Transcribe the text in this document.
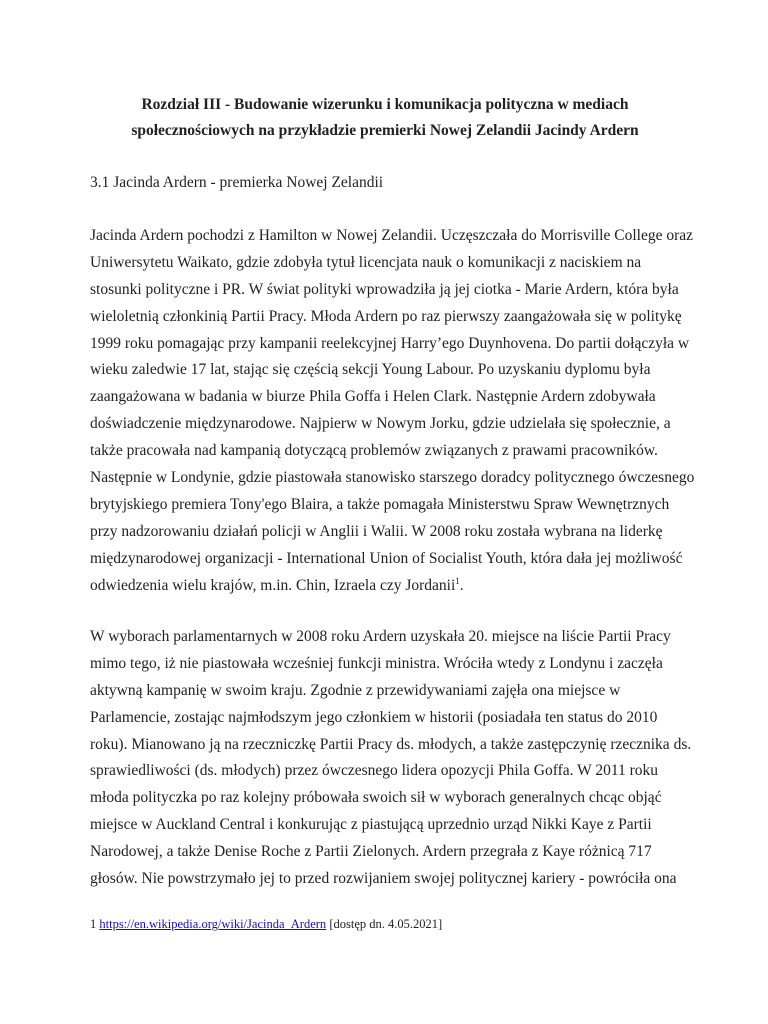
Rozdział III - Budowanie wizerunku i komunikacja polityczna w mediach
społecznościowych na przykładzie premierki Nowej Zelandii Jacindy Ardern
3.1 Jacinda Ardern - premierka Nowej Zelandii

Jacinda Ardern pochodzi z Hamilton w Nowej Zelandii. Uczęszczała do Morrisville College oraz
Uniwersytetu Waikato, gdzie zdobyła tytuł licencjata nauk o komunikacji z naciskiem na
stosunki polityczne i PR. W świat polityki wprowadziła ją jej ciotka - Marie Ardern, która była
wieloletnią członkinią Partii Pracy. Młoda Ardern po raz pierwszy zaangażowała się w politykę
1999 roku pomagając przy kampanii reelekcyjnej Harry’ego Duynhovena. Do partii dołączyła w
wieku zaledwie 17 lat, stając się częścią sekcji Young Labour. Po uzyskaniu dyplomu była
zaangażowana w badania w biurze Phila Goffa i Helen Clark. Następnie Ardern zdobywała
doświadczenie międzynarodowe. Najpierw w Nowym Jorku, gdzie udzielała się społecznie, a
także pracowała nad kampanią dotyczącą problemów związanych z prawami pracowników.
Następnie w Londynie, gdzie piastowała stanowisko starszego doradcy politycznego ówczesnego
brytyjskiego premiera Tony'ego Blaira, a także pomagała Ministerstwu Spraw Wewnętrznych
przy nadzorowaniu działań policji w Anglii i Walii. W 2008 roku została wybrana na liderkę
międzynarodowej organizacji - International Union of Socialist Youth, która dała jej możliwość
odwiedzenia wielu krajów, m.in. Chin, Izraela czy Jordanii$^1$.

W wyborach parlamentarnych w 2008 roku Ardern uzyskała 20. miejsce na liście Partii Pracy
mimo tego, iż nie piastowała wcześniej funkcji ministra. Wróciła wtedy z Londynu i zaczęła
aktywną kampanię w swoim kraju. Zgodnie z przewidywaniami zajęła ona miejsce w
Parlamencie, zostając najmłodszym jego członkiem w historii (posiadała ten status do 2010
roku). Mianowano ją na rzeczniczkę Partii Pracy ds. młodych, a także zastępczynię rzecznika ds.
sprawiedliwości (ds. młodych) przez ówczesnego lidera opozycji Phila Goffa. W 2011 roku
młoda polityczka po raz kolejny próbowała swoich sił w wyborach generalnych chcąc objąć
miejsce w Auckland Central i konkurując z piastującą uprzednio urząd Nikki Kaye z Partii
Narodowej, a także Denise Roche z Partii Zielonych. Ardern przegrała z Kaye różnicą 717
głosów. Nie powstrzymało jej to przed rozwijaniem swojej politycznej kariery - powróciła ona

1 https://en.wikipedia.org/wiki/Jacinda_Ardern [dostęp dn. 4.05.2021]
